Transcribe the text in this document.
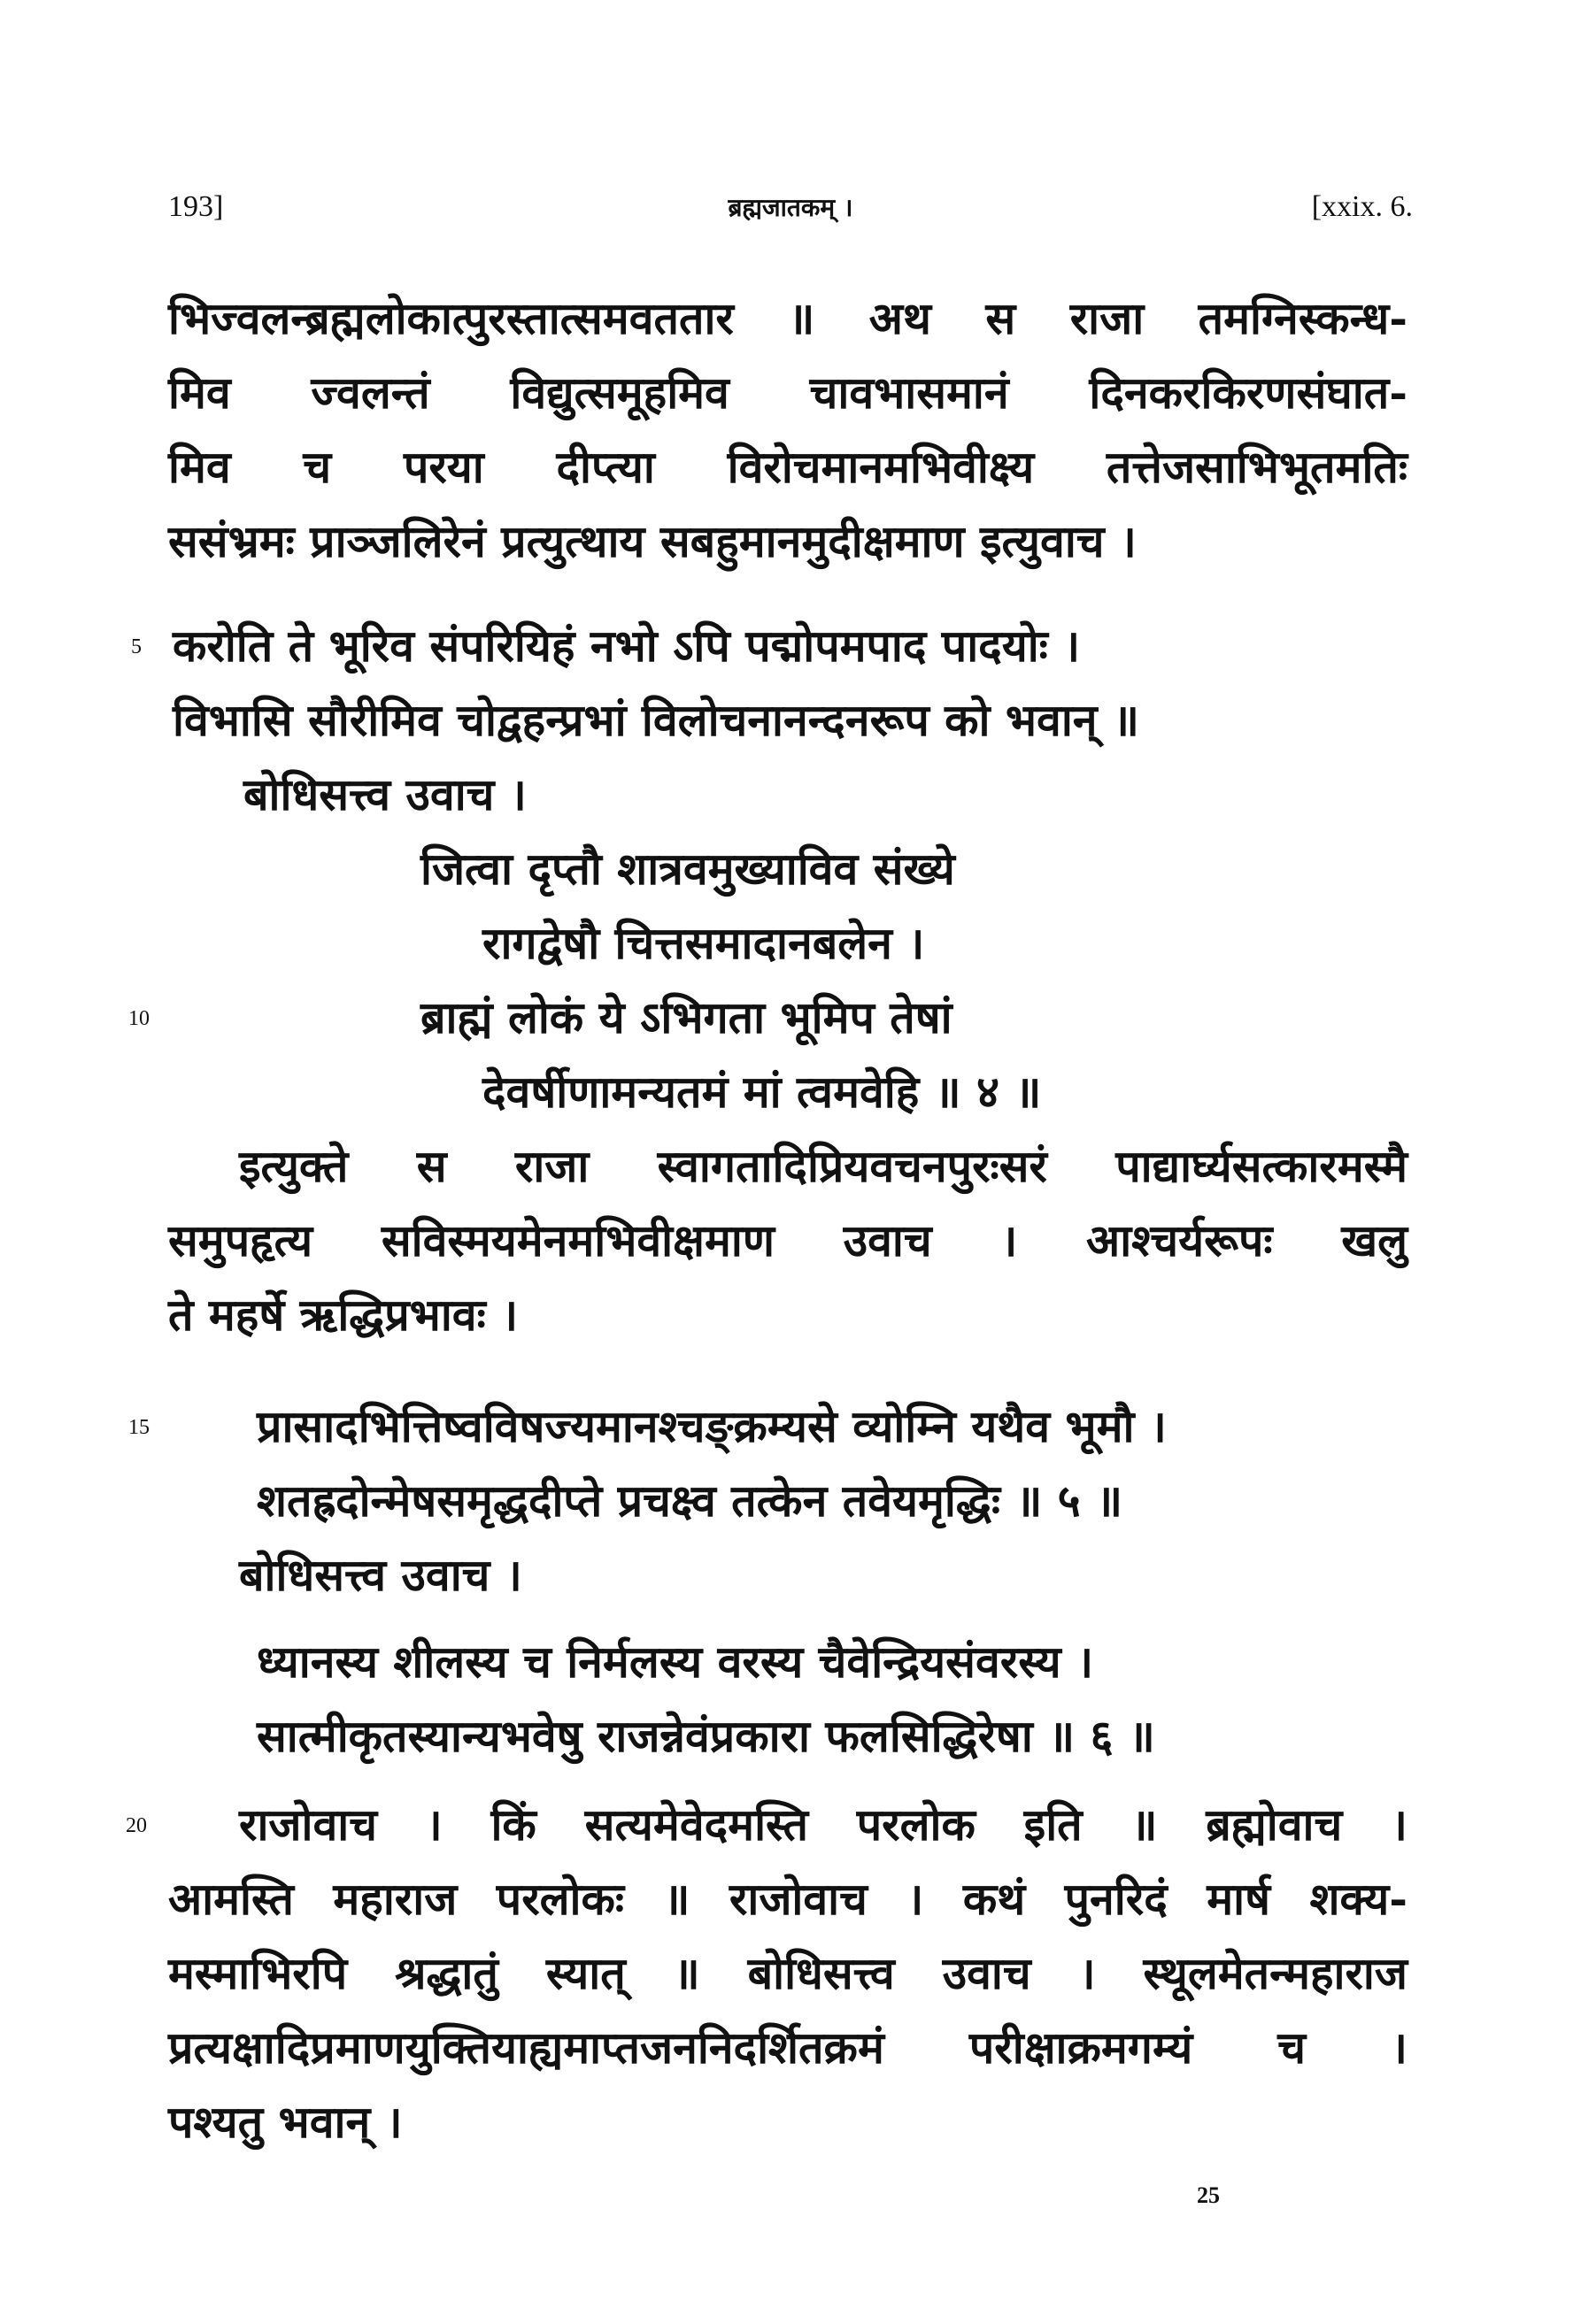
193]	ब्रह्मजातकम् ।	[xxix. 6.
भिज्वलन्ब्रह्मलोकात्पुरस्तात्समवततार ॥ अथ स राजा तमग्निस्कन्ध-
मिव ज्वलन्तं विद्युत्समूहमिव चावभासमानं दिनकरकिरणसंघात-
मिव च परया दीप्त्या विरोचमानमभिवीक्ष्य तत्तेजसाभिभूतमतिः
ससंभ्रमः प्राञ्जलिरेनं प्रत्युत्थाय सबहुमानमुदीक्षमाण इत्युवाच ।
5 करोति ते भूरिव संपरियिहं नभो ऽपि पद्मोपमपाद पादयोः ।
विभासि सौरीमिव चोद्वहन्प्रभां विलोचनानन्दनरूप को भवान् ॥
बोधिसत्त्व उवाच ।
जित्वा दृप्तौ शात्रवमुख्याविव संख्ये
रागद्वेषौ चित्तसमादानबलेन ।
10	ब्राह्मं लोकं ये ऽभिगता भूमिप तेषां
देवर्षीणामन्यतमं मां त्वमवेहि ॥ ४ ॥
इत्युक्ते स राजा स्वागतादिप्रियवचनपुरःसरं पाद्यार्घ्यसत्कारमस्मै
समुपहृत्य सविस्मयमेनमभिवीक्षमाण उवाच । आश्चर्यरूपः खलु
ते महर्षे ऋद्धिप्रभावः ।
15 प्रासादभित्तिष्वविषज्यमानश्चङ्क्रम्यसे व्योम्नि यथैव भूमौ ।
शतह्रदोन्मेषसमृद्धदीप्ते प्रचक्ष्व तत्केन तवेयमृद्धिः ॥ ५ ॥
बोधिसत्त्व उवाच ।
ध्यानस्य शीलस्य च निर्मलस्य वरस्य चैवेन्द्रियसंवरस्य ।
सात्मीकृतस्यान्यभवेषु राजन्नेवंप्रकारा फलसिद्धिरेषा ॥ ६ ॥
20 राजोवाच । किं सत्यमेवेदमस्ति परलोक इति ॥ ब्रह्मोवाच ।
आमस्ति महाराज परलोकः ॥ राजोवाच । कथं पुनरिदं मार्ष शक्य-
मस्माभिरपि श्रद्धातुं स्यात् ॥ बोधिसत्त्व उवाच । स्थूलमेतन्महाराज
प्रत्यक्षादिप्रमाणयुक्तियाह्यमाप्तजननिदर्शितक्रमं परीक्षाक्रमगम्यं च ।
पश्यतु भवान् ।
25
